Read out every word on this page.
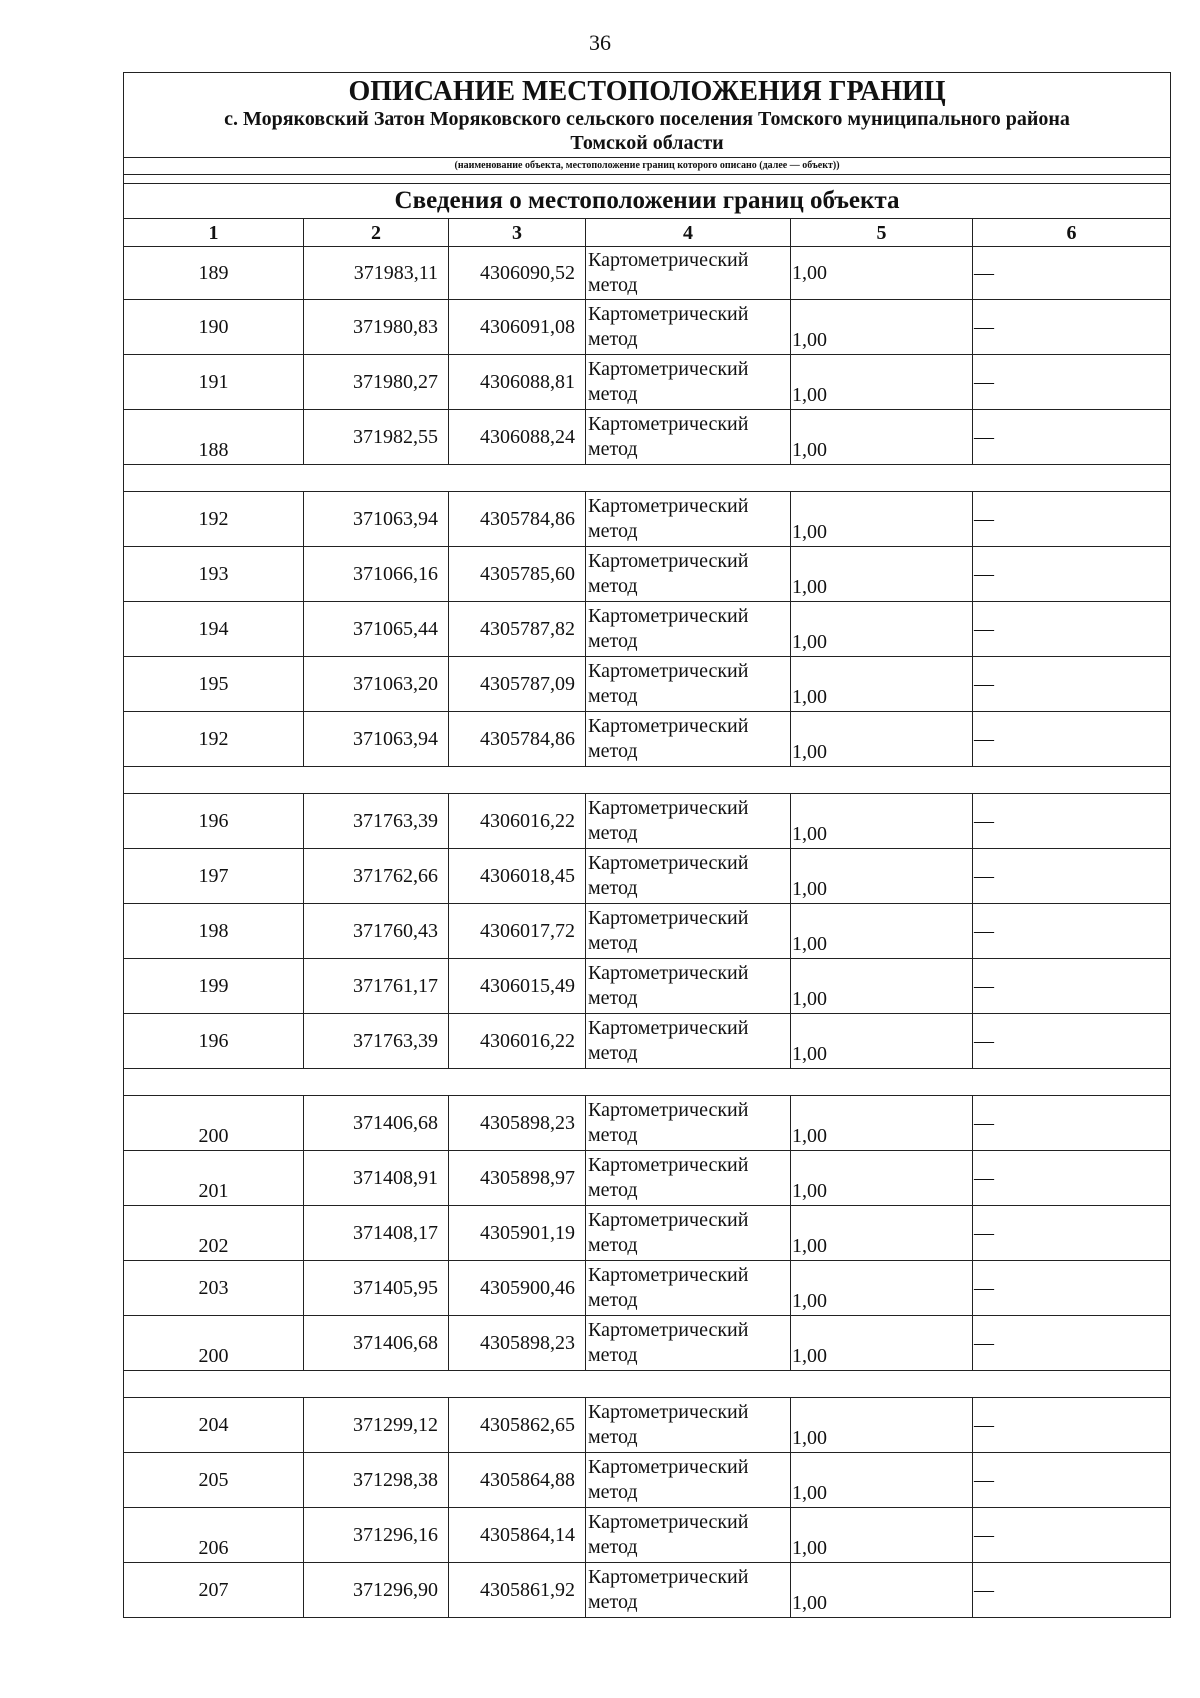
36
ОПИСАНИЕ МЕСТОПОЛОЖЕНИЯ ГРАНИЦ					

с. Моряковский Затон Моряковского сельского поселения Томского муниципального района
Томской области					

(наименование объекта, местоположение границ которого описано (далее — объект))					

Сведения о местоположении границ объекта					
1	2	3	4	5	6
189	371983,11	4306090,52	Картометрический метод	1,00	—
190	371980,83	4306091,08	Картометрический метод	1,00	—
191	371980,27	4306088,81	Картометрический метод	1,00	—
188	371982,55	4306088,24	Картометрический метод	1,00	—

192	371063,94	4305784,86	Картометрический метод	1,00	—
193	371066,16	4305785,60	Картометрический метод	1,00	—
194	371065,44	4305787,82	Картометрический метод	1,00	—
195	371063,20	4305787,09	Картометрический метод	1,00	—
192	371063,94	4305784,86	Картометрический метод	1,00	—

196	371763,39	4306016,22	Картометрический метод	1,00	—
197	371762,66	4306018,45	Картометрический метод	1,00	—
198	371760,43	4306017,72	Картометрический метод	1,00	—
199	371761,17	4306015,49	Картометрический метод	1,00	—
196	371763,39	4306016,22	Картометрический метод	1,00	—

200	371406,68	4305898,23	Картометрический метод	1,00	—
201	371408,91	4305898,97	Картометрический метод	1,00	—
202	371408,17	4305901,19	Картометрический метод	1,00	—
203	371405,95	4305900,46	Картометрический метод	1,00	—
200	371406,68	4305898,23	Картометрический метод	1,00	—

204	371299,12	4305862,65	Картометрический метод	1,00	—
205	371298,38	4305864,88	Картометрический метод	1,00	—
206	371296,16	4305864,14	Картометрический метод	1,00	—
207	371296,90	4305861,92	Картометрический метод	1,00	—
